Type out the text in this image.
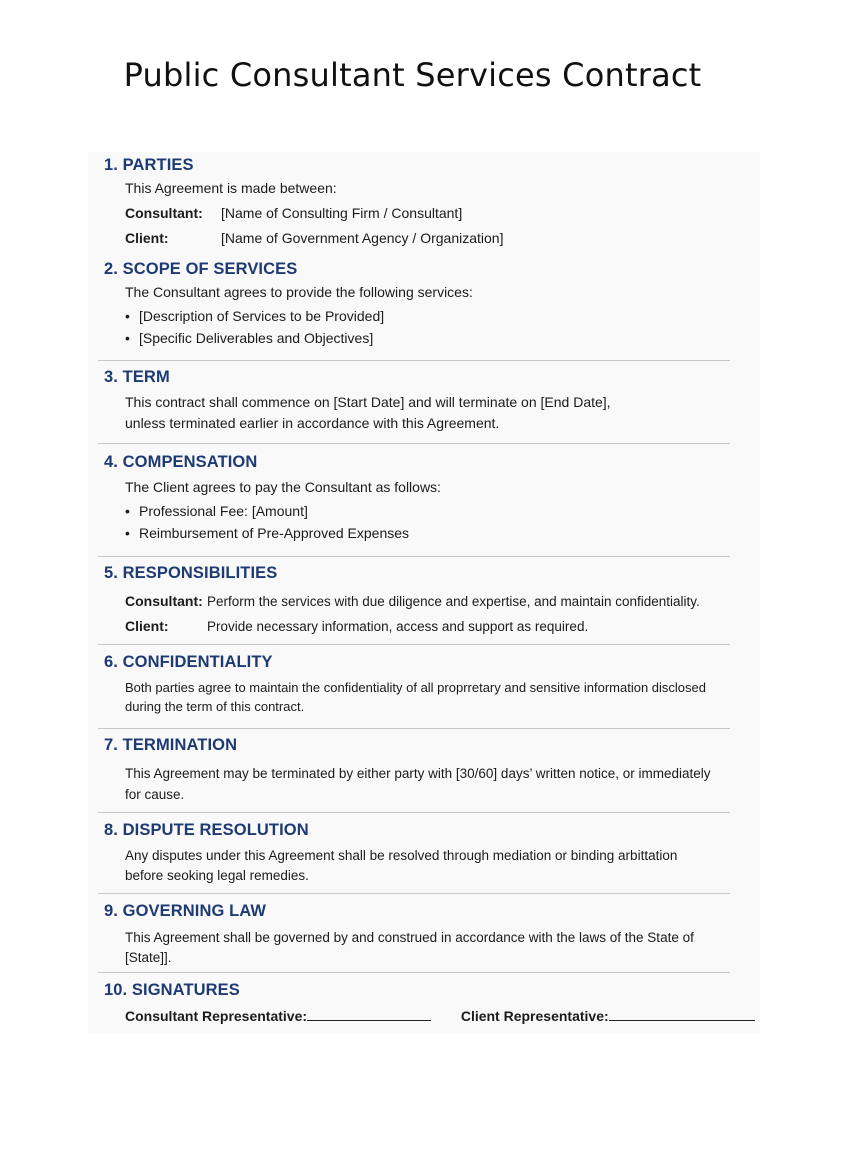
Public Consultant Services Contract
1. PARTIES
This Agreement is made between:
Consultant:	[Name of Consulting Firm / Consultant]
Client:	[Name of Government Agency / Organization]
2. SCOPE OF SERVICES
The Consultant agrees to provide the following services:
• [Description of Services to be Provided]
• [Specific Deliverables and Objectives]
3. TERM
This contract shall commence on [Start Date] and will terminate on [End Date],
unless terminated earlier in accordance with this Agreement.
4. COMPENSATION
The Client agrees to pay the Consultant as follows:
• Professional Fee: [Amount]
• Reimbursement of Pre-Approved Expenses
5. RESPONSIBILITIES
Consultant: Perform the services with due diligence and expertise, and maintain confidentiality.
Client:	Provide necessary information, access and support as required.
6. CONFIDENTIALITY
Both parties agree to maintain the confidentiality of all proprretary and sensitive information disclosed
during the term of this contract.
7. TERMINATION
This Agreement may be terminated by either party with [30/60] days’ written notice, or immediately
for cause.
8. DISPUTE RESOLUTION
Any disputes under this Agreement shall be resolved through mediation or binding arbittation
before seoking legal remedies.
9. GOVERNING LAW
This Agreement shall be governed by and construed in accordance with the laws of the State of
[State]].
10. SIGNATURES
Consultant Representative:	Client Representative:
